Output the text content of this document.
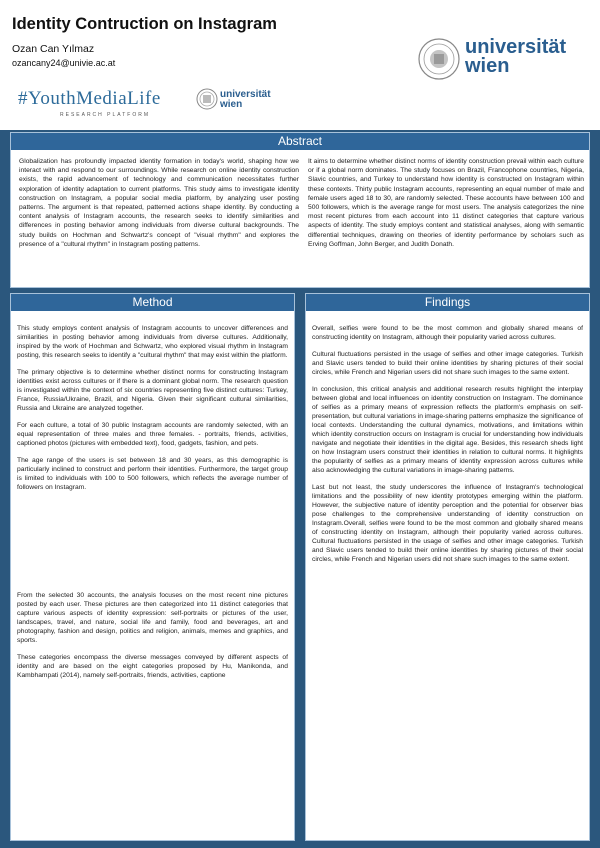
Identity Contruction on Instagram
Ozan Can Yılmaz
ozancany24@univie.ac.at
#YouthMediaLife
RESEARCH PLATFORM
universität
wien
universität
wien
Abstract
Globalization has profoundly impacted identity formation in today's world, shaping how we interact with and respond to our surroundings. While research on online identity construction exists, the rapid advancement of technology and communication necessitates further exploration of identity adaptation to current platforms. This study aims to investigate identity construction on Instagram, a popular social media platform, by analyzing user posting patterns. The argument is that repeated, patterned actions shape identity. By conducting a content analysis of Instagram accounts, the research seeks to identify similarities and differences in posting behavior among individuals from diverse cultural backgrounds. The study builds on Hochman and Schwartz's concept of "visual rhythm" and explores the presence of a "cultural rhythm" in Instagram posting patterns.
It aims to determine whether distinct norms of identity construction prevail within each culture or if a global norm dominates. The study focuses on Brazil, Francophone countries, Nigeria, Slavic countries, and Turkey to understand how identity is constructed on Instagram within these contexts. Thirty public Instagram accounts, representing an equal number of male and female users aged 18 to 30, are randomly selected. These accounts have between 100 and 500 followers, which is the average range for most users. The analysis categorizes the nine most recent pictures from each account into 11 distinct categories that capture various aspects of identity. The study employs content and statistical analyses, along with semantic differential techniques, drawing on theories of identity performance by scholars such as Erving Goffman, John Berger, and Judith Donath.
Method

This study employs content analysis of Instagram accounts to uncover differences and similarities in posting behavior among individuals from diverse cultures. Additionally, inspired by the work of Hochman and Schwartz, who explored visual rhythm in Instagram posting, this research seeks to identify a "cultural rhythm" that may exist within the platform.

The primary objective is to determine whether distinct norms for constructing Instagram identities exist across cultures or if there is a dominant global norm. The research question is investigated within the context of six countries representing five distinct cultures: Turkey, France, Russia/Ukraine, Brazil, and Nigeria. Given their significant cultural similarities, Russia and Ukraine are analyzed together.

For each culture, a total of 30 public Instagram accounts are randomly selected, with an equal representation of three males and three females. - portraits, friends, activities, captioned photos (pictures with embedded text), food, gadgets, fashion, and pets.

The age range of the users is set between 18 and 30 years, as this demographic is particularly inclined to construct and perform their identities. Furthermore, the target group is limited to individuals with 100 to 500 followers, which reflects the average number of followers on Instagram.

From the selected 30 accounts, the analysis focuses on the most recent nine pictures posted by each user. These pictures are then categorized into 11 distinct categories that capture various aspects of identity expression: self-portraits or pictures of the user, landscapes, travel, and nature, social life and family, food and beverages, art and photography, fashion and design, politics and religion, animals, memes and graphics, and sports.

These categories encompass the diverse messages conveyed by different aspects of identity and are based on the eight categories proposed by Hu, Manikonda, and Kambhampati (2014), namely self-portraits, friends, activities, captione

Findings

Overall, selfies were found to be the most common and globally shared means of constructing identity on Instagram, although their popularity varied across cultures.

Cultural fluctuations persisted in the usage of selfies and other image categories. Turkish and Slavic users tended to build their online identities by sharing pictures of their social circles, while French and Nigerian users did not share such images to the same extent.

In conclusion, this critical analysis and additional research results highlight the interplay between global and local influences on identity construction on Instagram. The dominance of selfies as a primary means of expression reflects the platform's emphasis on self-presentation, but cultural variations in image-sharing patterns emphasize the significance of local contexts. Understanding the cultural dynamics, motivations, and limitations within which identity construction occurs on Instagram is crucial for understanding how individuals navigate and negotiate their identities in the digital age. Besides, this research sheds light on how Instagram users construct their identities in relation to cultural norms. It highlights the popularity of selfies as a primary means of identity expression across cultures while also acknowledging the cultural variations in image-sharing patterns.

Last but not least, the study underscores the influence of Instagram's technological limitations and the possibility of new identity prototypes emerging within the platform. However, the subjective nature of identity perception and the potential for observer bias pose challenges to the comprehensive understanding of identity construction on Instagram.Overall, selfies were found to be the most common and globally shared means of constructing identity on Instagram, although their popularity varied across cultures. Cultural fluctuations persisted in the usage of selfies and other image categories. Turkish and Slavic users tended to build their online identities by sharing pictures of their social circles, while French and Nigerian users did not share such images to the same extent.
